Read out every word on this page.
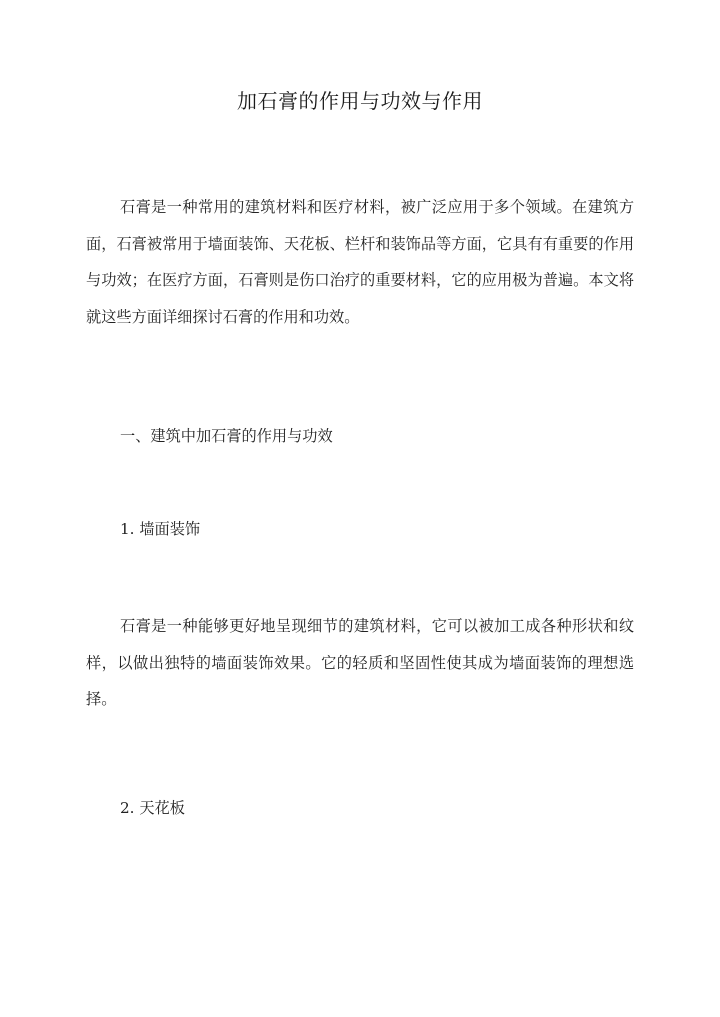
加石膏的作用与功效与作用

石膏是一种常用的建筑材料和医疗材料，被广泛应用于多个领域。在建筑方面，石膏被常用于墙面装饰、天花板、栏杆和装饰品等方面，它具有有重要的作用与功效；在医疗方面，石膏则是伤口治疗的重要材料，它的应用极为普遍。本文将就这些方面详细探讨石膏的作用和功效。

一、建筑中加石膏的作用与功效

1. 墙面装饰

石膏是一种能够更好地呈现细节的建筑材料，它可以被加工成各种形状和纹样，以做出独特的墙面装饰效果。它的轻质和坚固性使其成为墙面装饰的理想选择。

2. 天花板
